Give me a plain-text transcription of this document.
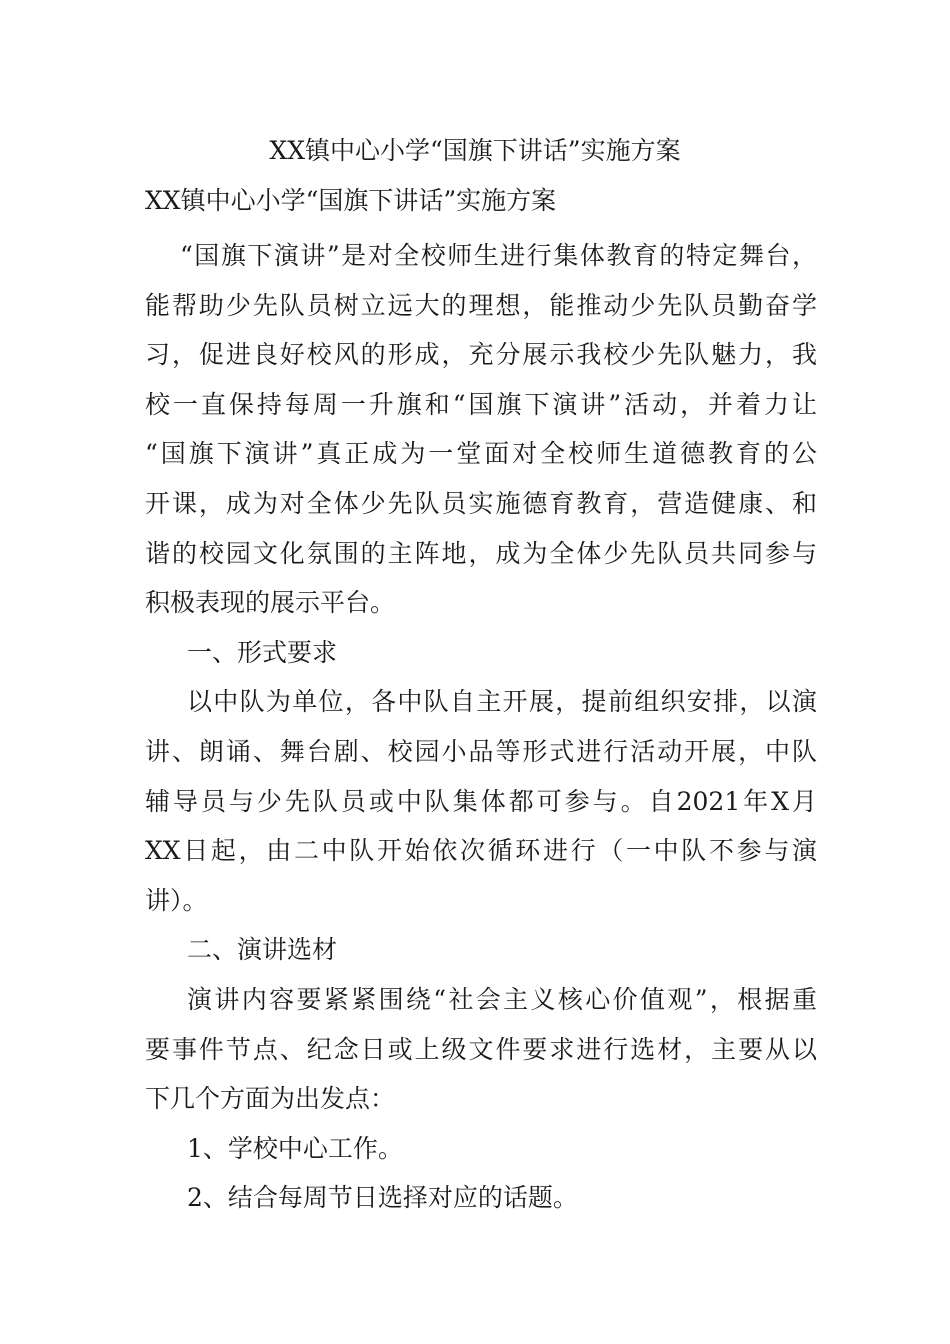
XX镇中心小学“国旗下讲话”实施方案

XX镇中心小学“国旗下讲话”实施方案

“国旗下演讲”是对全校师生进行集体教育的特定舞台，
能帮助少先队员树立远大的理想，能推动少先队员勤奋学
习，促进良好校风的形成，充分展示我校少先队魅力，我
校一直保持每周一升旗和“国旗下演讲”活动，并着力让
“国旗下演讲”真正成为一堂面对全校师生道德教育的公
开课，成为对全体少先队员实施德育教育，营造健康、和
谐的校园文化氛围的主阵地，成为全体少先队员共同参与
积极表现的展示平台。
一、形式要求
以中队为单位，各中队自主开展，提前组织安排，以演
讲、朗诵、舞台剧、校园小品等形式进行活动开展，中队
辅导员与少先队员或中队集体都可参与。自2021年X月
XX日起，由二中队开始依次循环进行（一中队不参与演
讲）。
二、演讲选材
演讲内容要紧紧围绕“社会主义核心价值观”，根据重
要事件节点、纪念日或上级文件要求进行选材，主要从以
下几个方面为出发点：
1、学校中心工作。
2、结合每周节日选择对应的话题。
